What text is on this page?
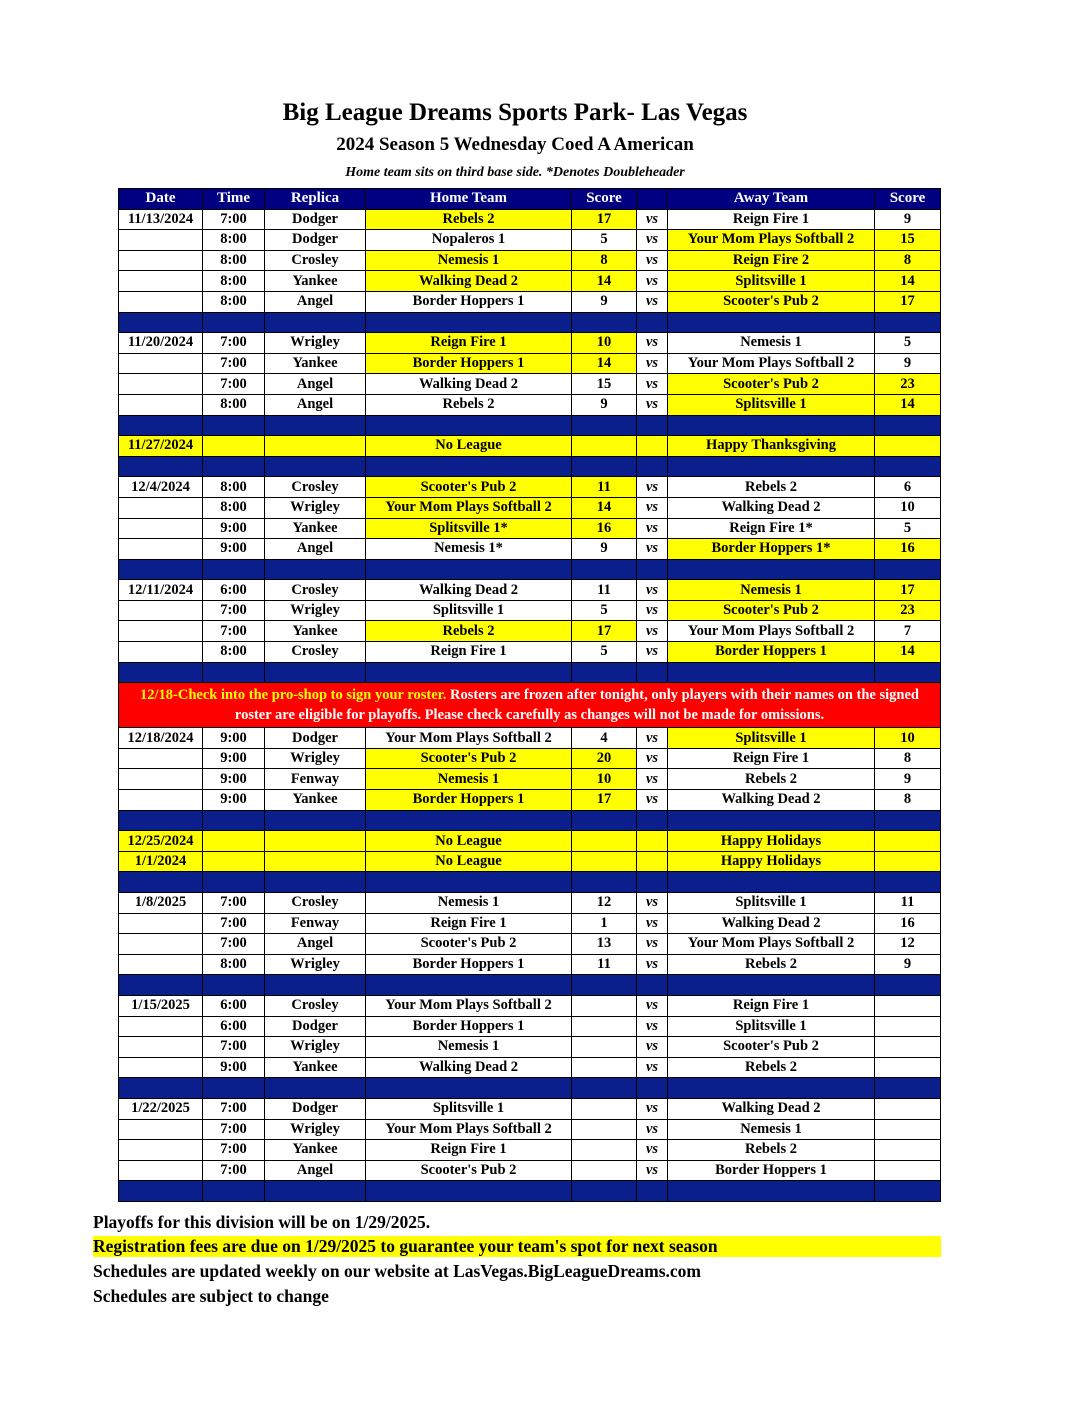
Big League Dreams Sports Park- Las Vegas
2024 Season 5 Wednesday Coed A American
Home team sits on third base side. *Denotes Doubleheader
Date	Time	Replica	Home Team	Score		Away Team	Score
11/13/2024	7:00	Dodger	Rebels 2	17	vs	Reign Fire 1	9
	8:00	Dodger	Nopaleros 1	5	vs	Your Mom Plays Softball 2	15
	8:00	Crosley	Nemesis 1	8	vs	Reign Fire 2	8
	8:00	Yankee	Walking Dead 2	14	vs	Splitsville 1	14
	8:00	Angel	Border Hoppers 1	9	vs	Scooter's Pub 2	17

11/20/2024	7:00	Wrigley	Reign Fire 1	10	vs	Nemesis 1	5
	7:00	Yankee	Border Hoppers 1	14	vs	Your Mom Plays Softball 2	9
	7:00	Angel	Walking Dead 2	15	vs	Scooter's Pub 2	23
	8:00	Angel	Rebels 2	9	vs	Splitsville 1	14

11/27/2024			No League			Happy Thanksgiving	

12/4/2024	8:00	Crosley	Scooter's Pub 2	11	vs	Rebels 2	6
	8:00	Wrigley	Your Mom Plays Softball 2	14	vs	Walking Dead 2	10
	9:00	Yankee	Splitsville 1*	16	vs	Reign Fire 1*	5
	9:00	Angel	Nemesis 1*	9	vs	Border Hoppers 1*	16

12/11/2024	6:00	Crosley	Walking Dead 2	11	vs	Nemesis 1	17
	7:00	Wrigley	Splitsville 1	5	vs	Scooter's Pub 2	23
	7:00	Yankee	Rebels 2	17	vs	Your Mom Plays Softball 2	7
	8:00	Crosley	Reign Fire 1	5	vs	Border Hoppers 1	14

12/18-Check into the pro-shop to sign your roster. Rosters are frozen after tonight, only players with their names on the signed roster are eligible for playoffs. Please check carefully as changes will not be made for omissions.							
12/18/2024	9:00	Dodger	Your Mom Plays Softball 2	4	vs	Splitsville 1	10
	9:00	Wrigley	Scooter's Pub 2	20	vs	Reign Fire 1	8
	9:00	Fenway	Nemesis 1	10	vs	Rebels 2	9
	9:00	Yankee	Border Hoppers 1	17	vs	Walking Dead 2	8

12/25/2024			No League			Happy Holidays	
1/1/2024			No League			Happy Holidays	

1/8/2025	7:00	Crosley	Nemesis 1	12	vs	Splitsville 1	11
	7:00	Fenway	Reign Fire 1	1	vs	Walking Dead 2	16
	7:00	Angel	Scooter's Pub 2	13	vs	Your Mom Plays Softball 2	12
	8:00	Wrigley	Border Hoppers 1	11	vs	Rebels 2	9

1/15/2025	6:00	Crosley	Your Mom Plays Softball 2		vs	Reign Fire 1	
	6:00	Dodger	Border Hoppers 1		vs	Splitsville 1	
	7:00	Wrigley	Nemesis 1		vs	Scooter's Pub 2	
	9:00	Yankee	Walking Dead 2		vs	Rebels 2	

1/22/2025	7:00	Dodger	Splitsville 1		vs	Walking Dead 2	
	7:00	Wrigley	Your Mom Plays Softball 2		vs	Nemesis 1	
	7:00	Yankee	Reign Fire 1		vs	Rebels 2	
	7:00	Angel	Scooter's Pub 2		vs	Border Hoppers 1	

Playoffs for this division will be on 1/29/2025.
Registration fees are due on 1/29/2025 to guarantee your team's spot for next season
Schedules are updated weekly on our website at LasVegas.BigLeagueDreams.com
Schedules are subject to change
